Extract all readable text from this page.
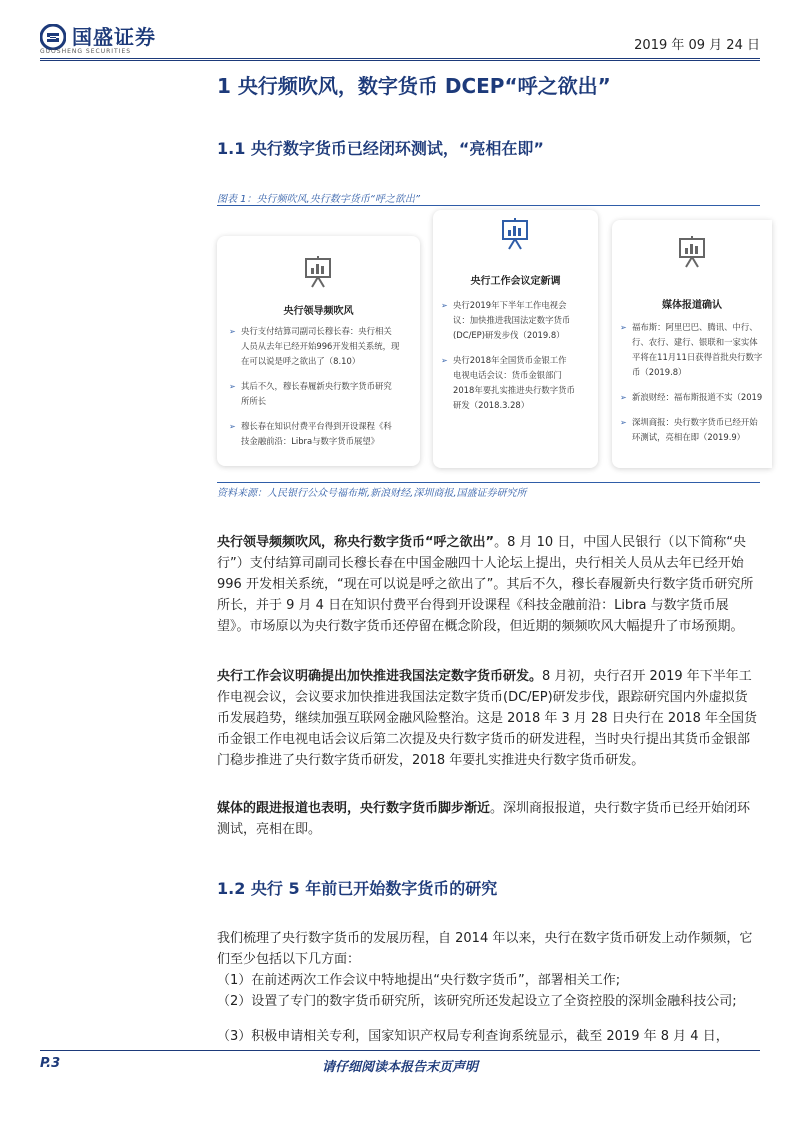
国盛证券
GUOSHENG SECURITIES	2019 年 09 月 24 日
1 央行频吹风，数字货币 DCEP“呼之欲出”
1.1 央行数字货币已经闭环测试，“亮相在即”
图表 1：央行频吹风,央行数字货币“呼之欲出”
央行领导频吹风
➢ 央行支付结算司副司长穆长春：央行相关
人员从去年已经开始996开发相关系统，现
在可以说是呼之欲出了（8.10）
➢ 其后不久，穆长春履新央行数字货币研究
所所长
➢ 穆长春在知识付费平台得到开设课程《科
技金融前沿：Libra与数字货币展望》
央行工作会议定新调
➢ 央行2019年下半年工作电视会
议：加快推进我国法定数字货币
(DC/EP)研发步伐（2019.8）
➢ 央行2018年全国货币金银工作
电视电话会议：货币金银部门
2018年要扎实推进央行数字货币
研发（2018.3.28）
媒体报道确认
➢ 福布斯：阿里巴巴、腾讯、中行、
行、农行、建行、银联和一家实体
平将在11月11日获得首批央行数字
币（2019.8）
➢ 新浪财经：福布斯报道不实（2019
➢ 深圳商报：央行数字货币已经开始
环测试，亮相在即（2019.9）
资料来源：人民银行公众号福布斯,新浪财经,深圳商报,国盛证券研究所
央行领导频频吹风，称央行数字货币“呼之欲出”。8 月 10 日，中国人民银行（以下简称“央行”）支付结算司副司长穆长春在中国金融四十人论坛上提出，央行相关人员从去年已经开始 996 开发相关系统，“现在可以说是呼之欲出了”。其后不久，穆长春履新央行数字货币研究所所长，并于 9 月 4 日在知识付费平台得到开设课程《科技金融前沿：Libra 与数字货币展望》。市场原以为央行数字货币还停留在概念阶段，但近期的频频吹风大幅提升了市场预期。
央行工作会议明确提出加快推进我国法定数字货币研发。8 月初，央行召开 2019 年下半年工作电视会议，会议要求加快推进我国法定数字货币(DC/EP)研发步伐，跟踪研究国内外虚拟货币发展趋势，继续加强互联网金融风险整治。这是 2018 年 3 月 28 日央行在 2018 年全国货币金银工作电视电话会议后第二次提及央行数字货币的研发进程，当时央行提出其货币金银部门稳步推进了央行数字货币研发，2018 年要扎实推进央行数字货币研发。
媒体的跟进报道也表明，央行数字货币脚步渐近。深圳商报报道，央行数字货币已经开始闭环测试，亮相在即。
1.2 央行 5 年前已开始数字货币的研究
我们梳理了央行数字货币的发展历程，自 2014 年以来，央行在数字货币研发上动作频频，它们至少包括以下几方面：
（1）在前述两次工作会议中特地提出“央行数字货币”，部署相关工作;
（2）设置了专门的数字货币研究所，该研究所还发起设立了全资控股的深圳金融科技公司;
（3）积极申请相关专利，国家知识产权局专利查询系统显示，截至 2019 年 8 月 4 日，
P.3	请仔细阅读本报告末页声明
